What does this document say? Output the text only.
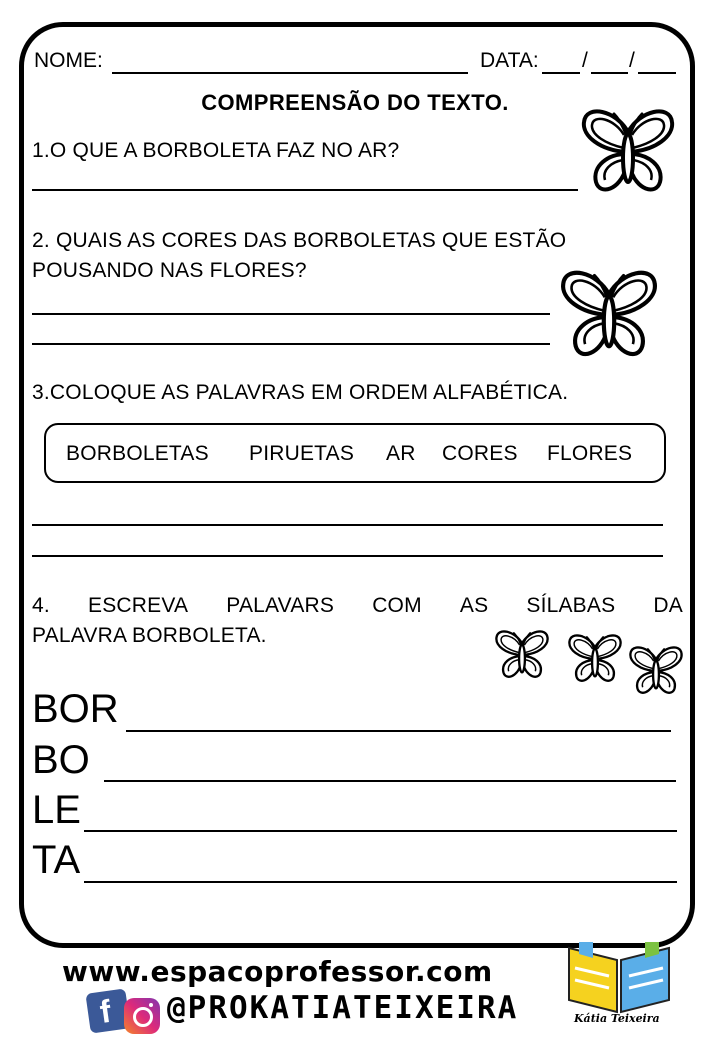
NOME:	DATA: / /
COMPREENSÃO DO TEXTO.
1.O QUE A BORBOLETA FAZ NO AR?
2. QUAIS AS CORES DAS BORBOLETAS QUE ESTÃO
POUSANDO NAS FLORES?
3.COLOQUE AS PALAVRAS EM ORDEM ALFABÉTICA.
BORBOLETAS PIRUETAS AR CORES FLORES
4. ESCREVA PALAVARS COM AS SÍLABAS DA
PALAVRA BORBOLETA.
BOR
BO
LE
TA
www.espacoprofessor.com
f @PROKATIATEIXEIRA	Kátia Teixeira
